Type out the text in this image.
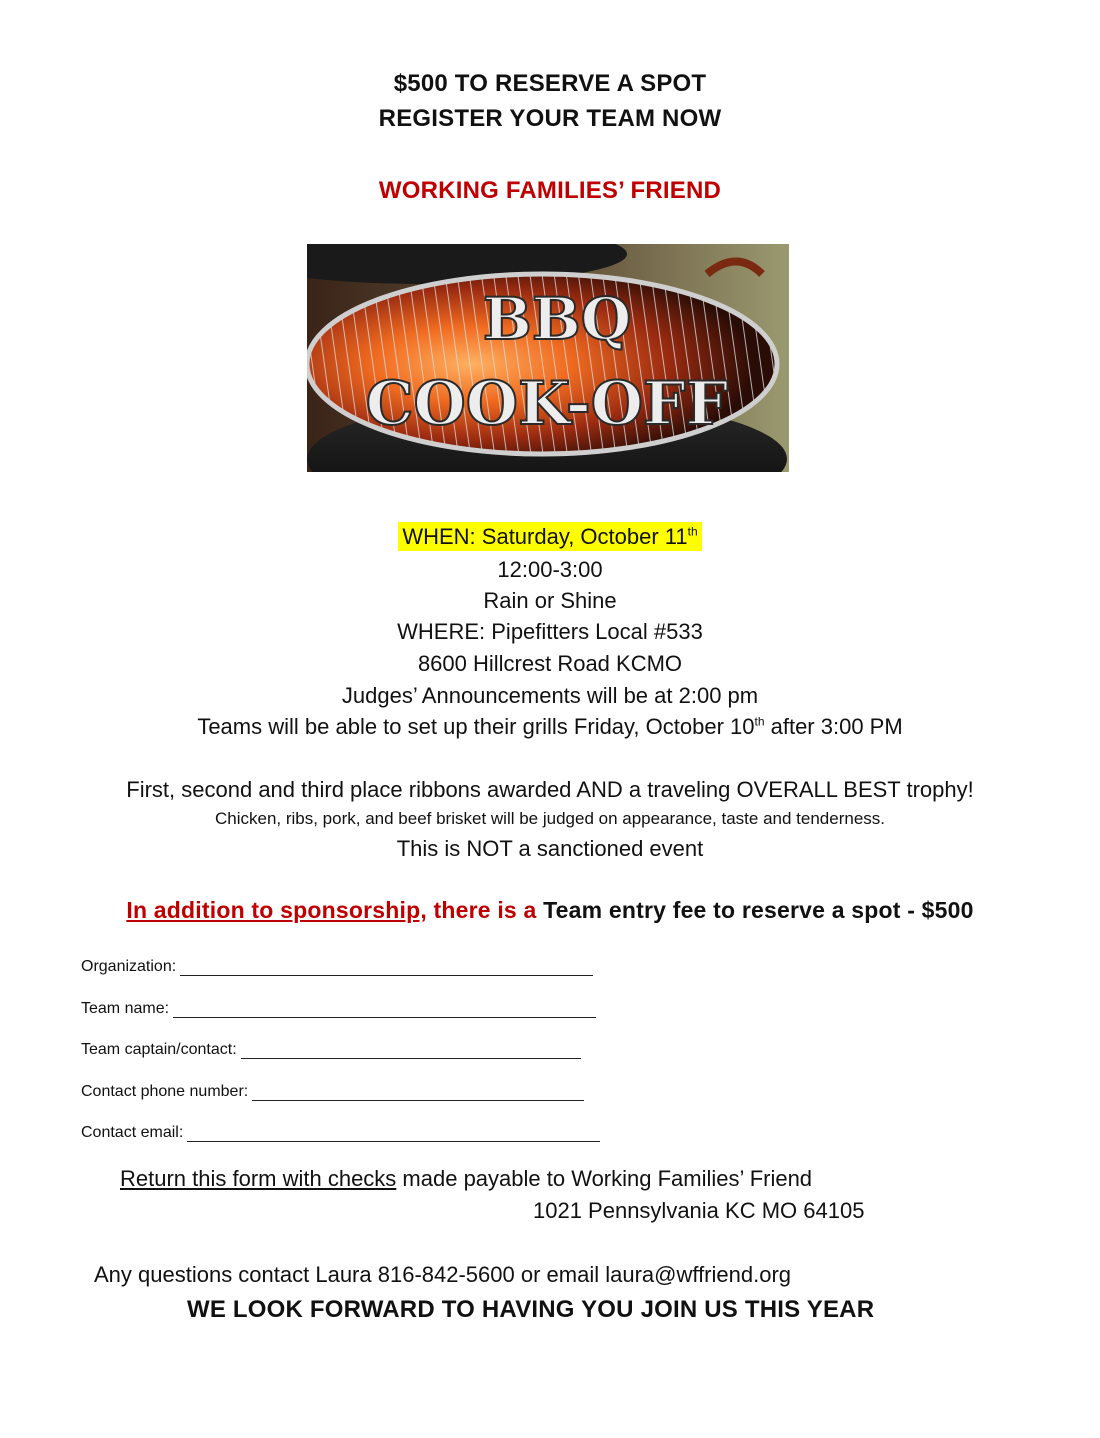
$500 TO RESERVE A SPOT
REGISTER YOUR TEAM NOW
WORKING FAMILIES’ FRIEND
BBQ
COOK-OFF
WHEN: Saturday, October 11th
12:00-3:00
Rain or Shine
WHERE: Pipefitters Local #533
8600 Hillcrest Road KCMO
Judges’ Announcements will be at 2:00 pm
Teams will be able to set up their grills Friday, October 10th after 3:00 PM
First, second and third place ribbons awarded AND a traveling OVERALL BEST trophy!
Chicken, ribs, pork, and beef brisket will be judged on appearance, taste and tenderness.
This is NOT a sanctioned event
In addition to sponsorship, there is a Team entry fee to reserve a spot - $500
Organization:
Team name:
Team captain/contact:
Contact phone number:
Contact email:
Return this form with checks made payable to Working Families’ Friend
1021 Pennsylvania KC MO 64105
Any questions contact Laura 816-842-5600 or email laura@wffriend.org
WE LOOK FORWARD TO HAVING YOU JOIN US THIS YEAR
